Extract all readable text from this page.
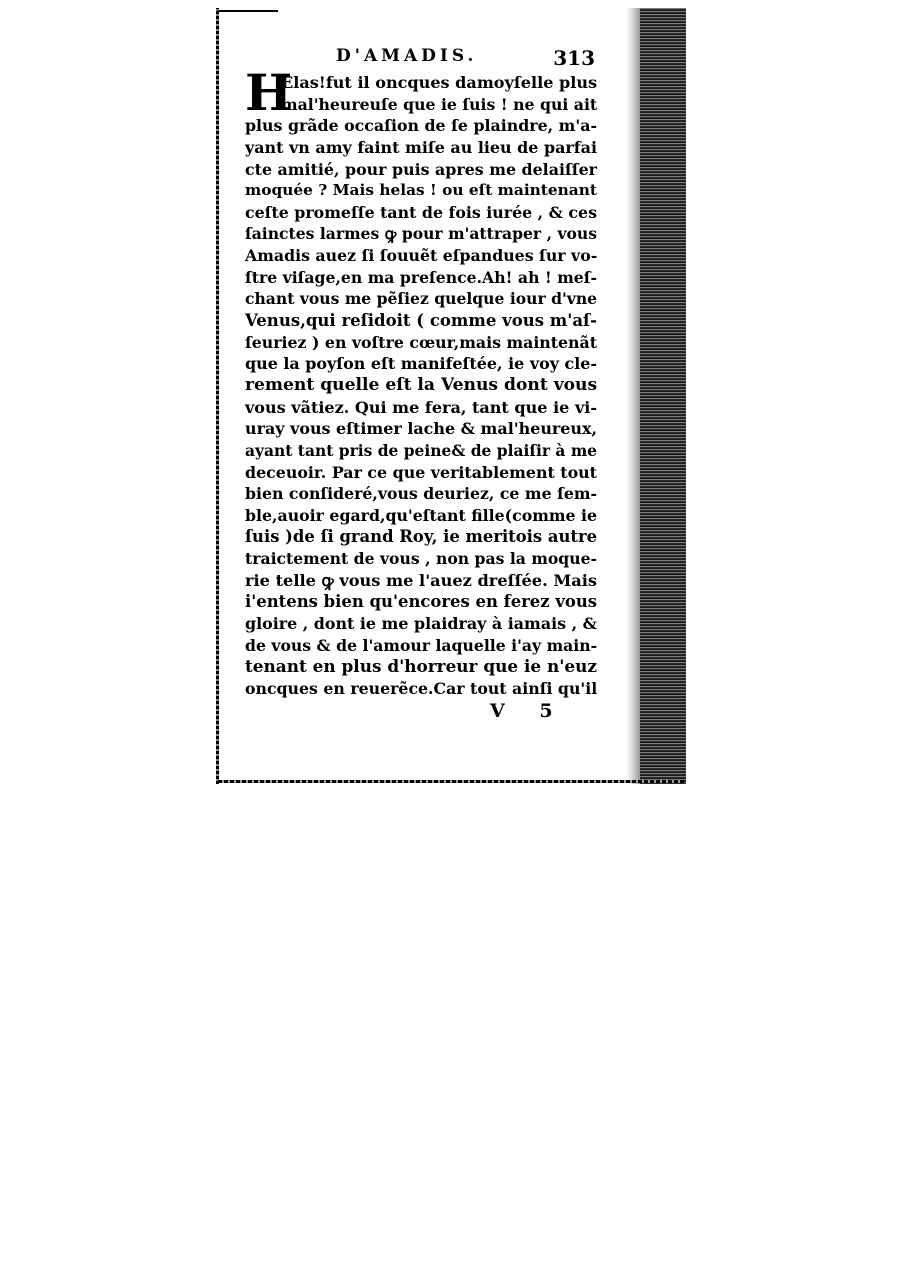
D'AMADIS.	313
H
Elas!fut il oncques damoyſelle plus
mal'heureuſe que ie ſuis ! ne qui ait
plus grãde occaſion de ſe plaindre, m'a-
yant vn amy faint miſe au lieu de parfai
cte amitié, pour puis apres me delaiſſer
moquée ? Mais helas ! ou eſt maintenant
ceſte promeſſe tant de fois iurée , & ces
ſainctes larmes ꝙ pour m'attraper , vous
Amadis auez ſi ſouuẽt eſpandues ſur vo-
ſtre viſage,en ma preſence.Ah! ah ! meſ-
chant vous me pẽſiez quelque iour d'vne
Venus,qui reſidoit ( comme vous m'aſ-
ſeuriez ) en voſtre cœur,mais maintenãt
que la poyſon eſt manifeſtée, ie voy cle-
rement quelle eſt la Venus dont vous
vous vãtiez. Qui me fera, tant que ie vi-
uray vous eſtimer lache & mal'heureux,
ayant tant pris de peine& de plaiſir à me
deceuoir. Par ce que veritablement tout
bien conſideré,vous deuriez, ce me ſem-
ble,auoir egard,qu'eſtant fille(comme ie
ſuis )de ſi grand Roy, ie meritois autre
traictement de vous , non pas la moque-
rie telle ꝙ vous me l'auez dreſſée. Mais
i'entens bien qu'encores en ferez vous
gloire , dont ie me plaidray à iamais , &
de vous & de l'amour laquelle i'ay main-
tenant en plus d'horreur que ie n'euz
oncques en reuerẽce.Car tout ainſi qu'il
V 5
